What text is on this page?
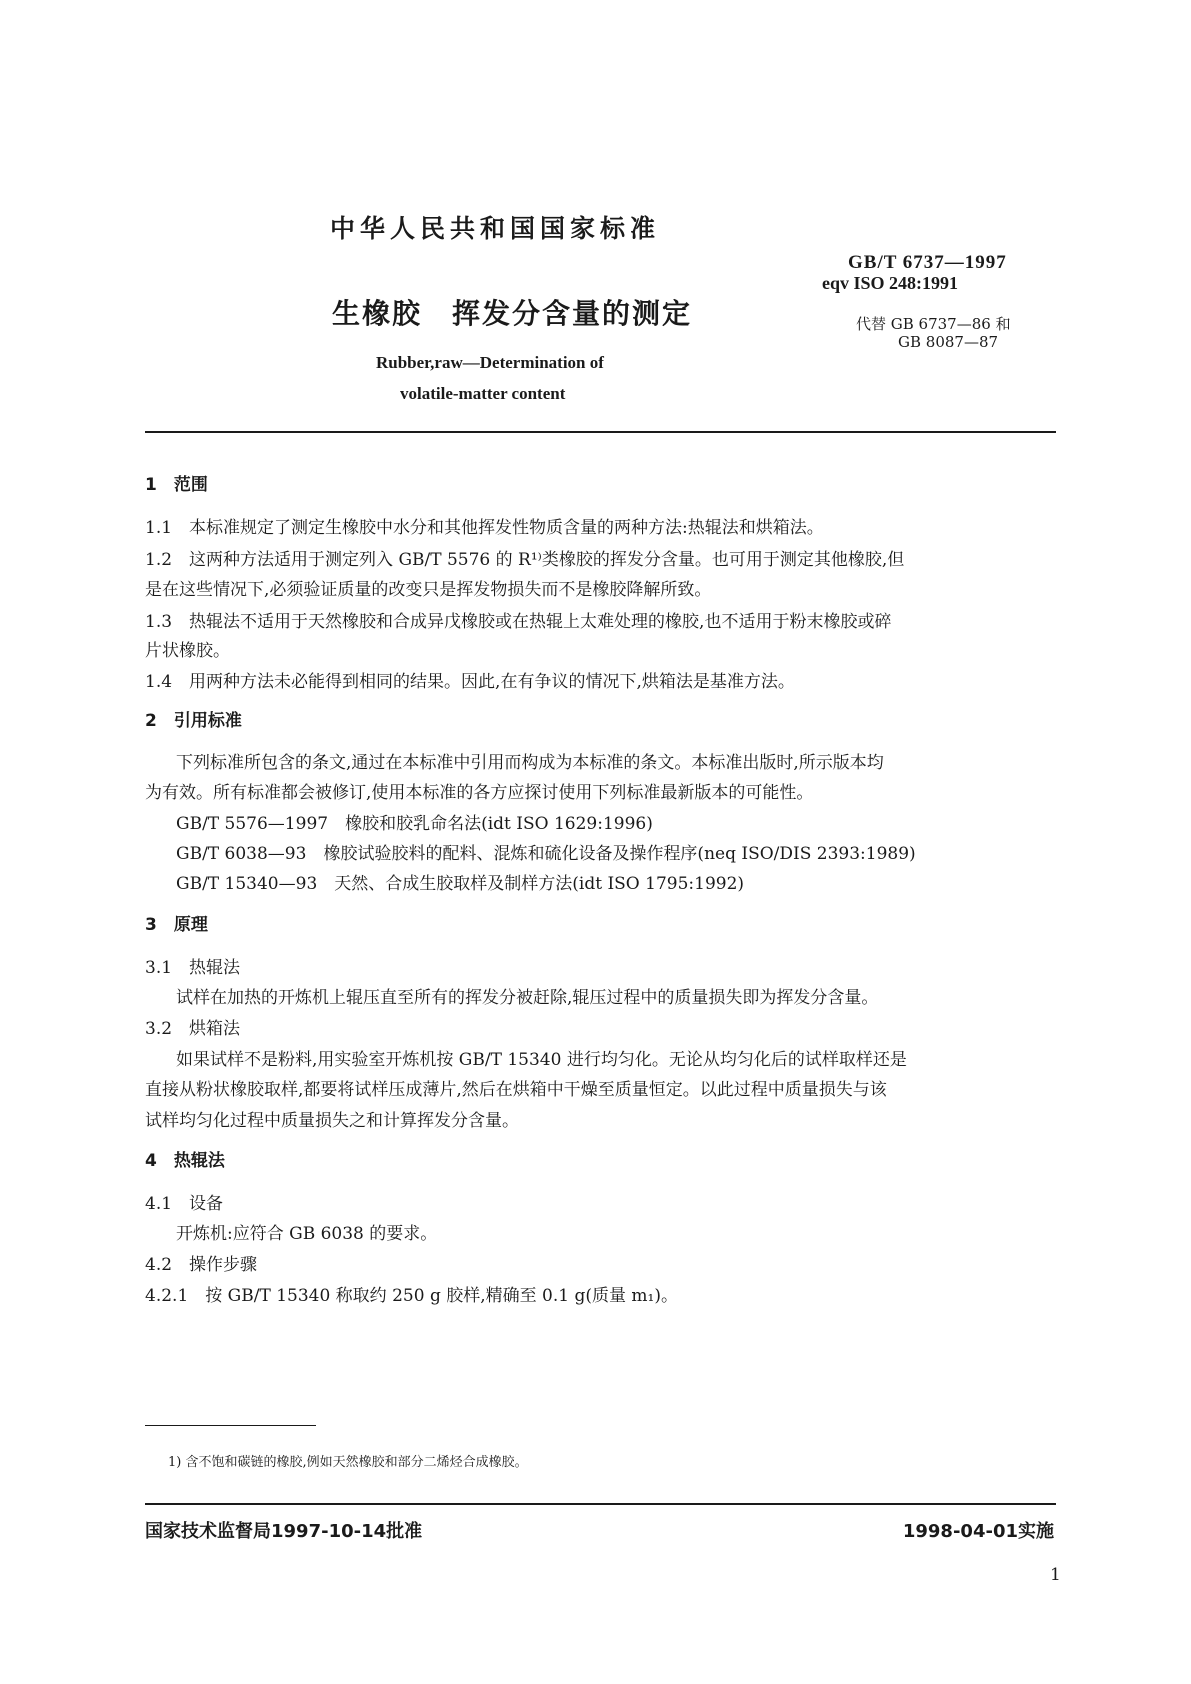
中华人民共和国国家标准
GB/T 6737—1997
eqv ISO 248:1991
代替 GB 6737—86 和
GB 8087—87
生橡胶　挥发分含量的测定
Rubber,raw—Determination of
volatile-matter content
1　范围
1.1　本标准规定了测定生橡胶中水分和其他挥发性物质含量的两种方法:热辊法和烘箱法。
1.2　这两种方法适用于测定列入 GB/T 5576 的 R¹⁾类橡胶的挥发分含量。也可用于测定其他橡胶,但
是在这些情况下,必须验证质量的改变只是挥发物损失而不是橡胶降解所致。
1.3　热辊法不适用于天然橡胶和合成异戊橡胶或在热辊上太难处理的橡胶,也不适用于粉末橡胶或碎
片状橡胶。
1.4　用两种方法未必能得到相同的结果。因此,在有争议的情况下,烘箱法是基准方法。
2　引用标准
下列标准所包含的条文,通过在本标准中引用而构成为本标准的条文。本标准出版时,所示版本均
为有效。所有标准都会被修订,使用本标准的各方应探讨使用下列标准最新版本的可能性。
GB/T 5576—1997　橡胶和胶乳命名法(idt ISO 1629:1996)
GB/T 6038—93　橡胶试验胶料的配料、混炼和硫化设备及操作程序(neq ISO/DIS 2393:1989)
GB/T 15340—93　天然、合成生胶取样及制样方法(idt ISO 1795:1992)
3　原理
3.1　热辊法
试样在加热的开炼机上辊压直至所有的挥发分被赶除,辊压过程中的质量损失即为挥发分含量。
3.2　烘箱法
如果试样不是粉料,用实验室开炼机按 GB/T 15340 进行均匀化。无论从均匀化后的试样取样还是
直接从粉状橡胶取样,都要将试样压成薄片,然后在烘箱中干燥至质量恒定。以此过程中质量损失与该
试样均匀化过程中质量损失之和计算挥发分含量。
4　热辊法
4.1　设备
开炼机:应符合 GB 6038 的要求。
4.2　操作步骤
4.2.1　按 GB/T 15340 称取约 250 g 胶样,精确至 0.1 g(质量 m₁)。
1) 含不饱和碳链的橡胶,例如天然橡胶和部分二烯烃合成橡胶。
国家技术监督局1997-10-14批准	1998-04-01实施
1
